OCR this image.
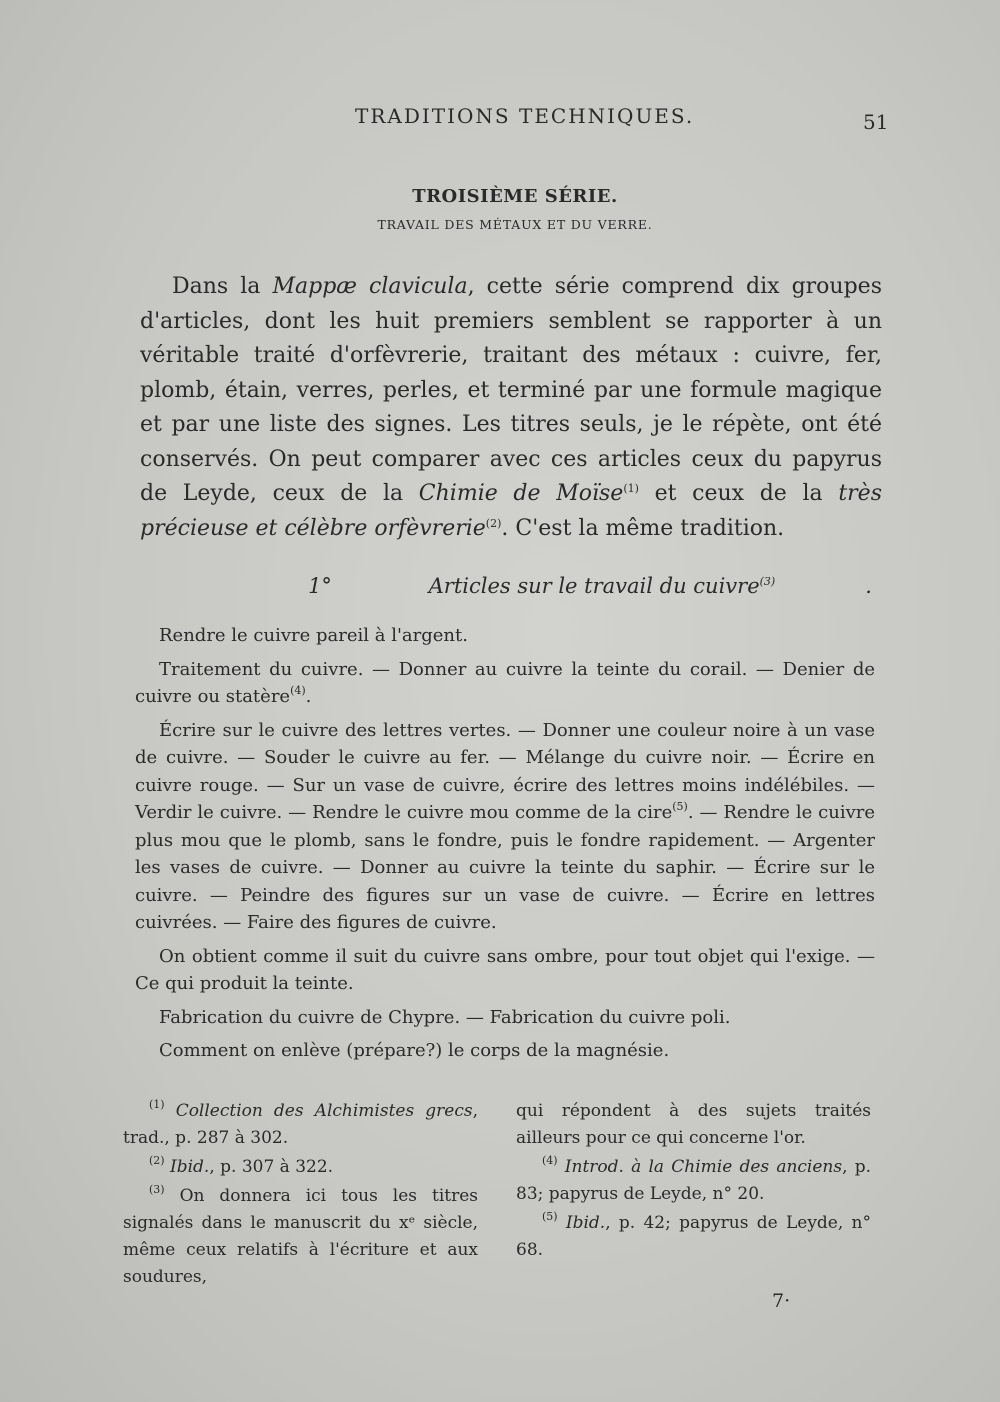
TRADITIONS TECHNIQUES.	51
TROISIÈME SÉRIE.
TRAVAIL DES MÉTAUX ET DU VERRE.
Dans la Mappæ clavicula, cette série comprend dix groupes d'articles, dont les huit premiers semblent se rapporter à un véritable traité d'orfèvrerie, traitant des métaux : cuivre, fer, plomb, étain, verres, perles, et terminé par une formule magique et par une liste des signes. Les titres seuls, je le répète, ont été conservés. On peut comparer avec ces articles ceux du papyrus de Leyde, ceux de la Chimie de Moïse$^{(1)}$ et ceux de la très précieuse et célèbre orfèvrerie$^{(2)}$. C'est la même tradition.
1°	Articles sur le travail du cuivre$^{(3)}$	.

Rendre le cuivre pareil à l'argent.

Traitement du cuivre. — Donner au cuivre la teinte du corail. — Denier de cuivre ou statère$^{(4)}$.

Écrire sur le cuivre des lettres vertes. — Donner une couleur noire à un vase de cuivre. — Souder le cuivre au fer. — Mélange du cuivre noir. — Écrire en cuivre rouge. — Sur un vase de cuivre, écrire des lettres moins indélébiles. — Verdir le cuivre. — Rendre le cuivre mou comme de la cire$^{(5)}$. — Rendre le cuivre plus mou que le plomb, sans le fondre, puis le fondre rapidement. — Argenter les vases de cuivre. — Donner au cuivre la teinte du saphir. — Écrire sur le cuivre. — Peindre des figures sur un vase de cuivre. — Écrire en lettres cuivrées. — Faire des figures de cuivre.

On obtient comme il suit du cuivre sans ombre, pour tout objet qui l'exige. — Ce qui produit la teinte.

Fabrication du cuivre de Chypre. — Fabrication du cuivre poli.

Comment on enlève (prépare?) le corps de la magnésie.

$^{(1)}$ Collection des Alchimistes grecs, trad., p. 287 à 302.

$^{(2)}$ Ibid., p. 307 à 322.

$^{(3)}$ On donnera ici tous les titres signalés dans le manuscrit du xᵉ siècle, même ceux relatifs à l'écriture et aux soudures,

qui répondent à des sujets traités ailleurs pour ce qui concerne l'or.

$^{(4)}$ Introd. à la Chimie des anciens, p. 83; papyrus de Leyde, n° 20.

$^{(5)}$ Ibid., p. 42; papyrus de Leyde, n° 68.

7·
